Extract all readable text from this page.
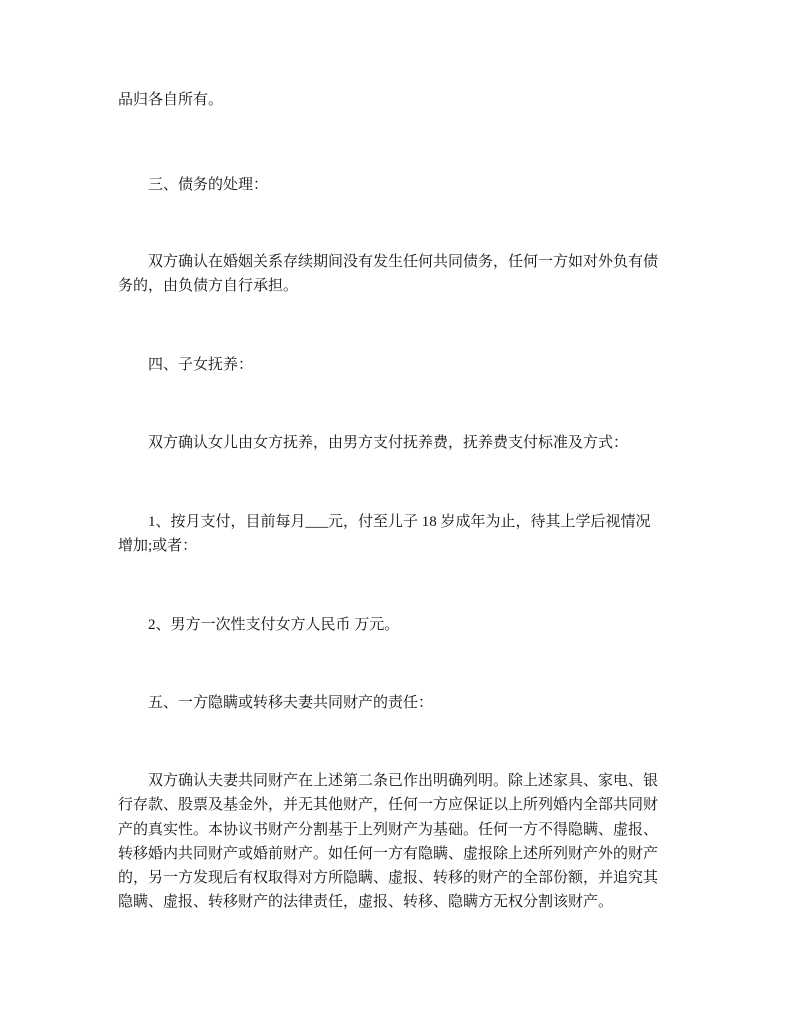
品归各自所有。
三、债务的处理：
双方确认在婚姻关系存续期间没有发生任何共同债务，任何一方如对外负有债
务的，由负债方自行承担。
四、子女抚养：
双方确认女儿由女方抚养，由男方支付抚养费，抚养费支付标准及方式：
1、按月支付，目前每月___元，付至儿子 18 岁成年为止，待其上学后视情况
增加;或者：
2、男方一次性支付女方人民币 万元。
五、一方隐瞒或转移夫妻共同财产的责任：
双方确认夫妻共同财产在上述第二条已作出明确列明。除上述家具、家电、银
行存款、股票及基金外，并无其他财产，任何一方应保证以上所列婚内全部共同财
产的真实性。本协议书财产分割基于上列财产为基础。任何一方不得隐瞒、虚报、
转移婚内共同财产或婚前财产。如任何一方有隐瞒、虚报除上述所列财产外的财产
的，另一方发现后有权取得对方所隐瞒、虚报、转移的财产的全部份额，并追究其
隐瞒、虚报、转移财产的法律责任，虚报、转移、隐瞒方无权分割该财产。
